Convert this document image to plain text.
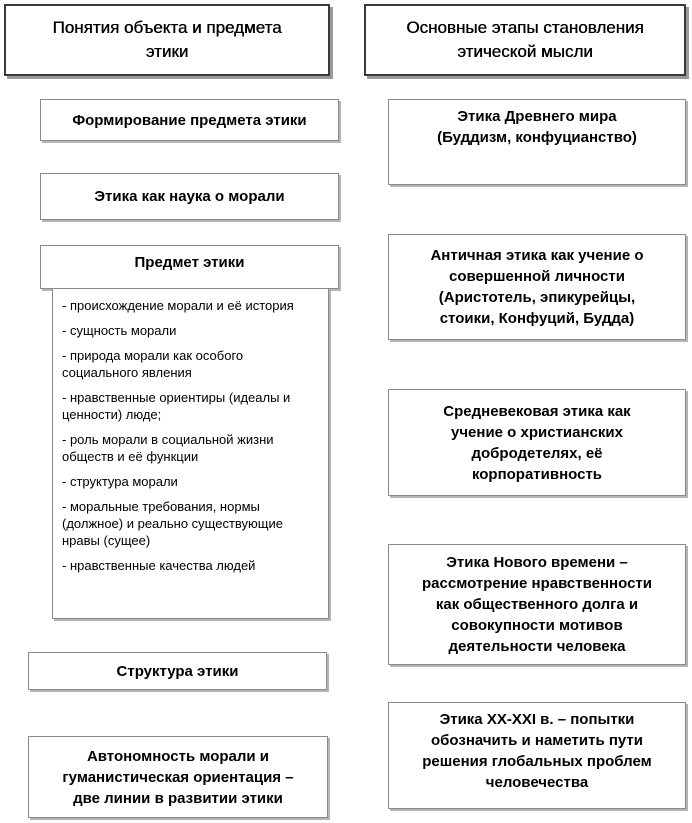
Понятия объекта и предмета
этики
Основные этапы становления
этической мысли
Формирование предмета этики
Этика как наука о морали
Предмет этики
- происхождение морали и её история
- сущность морали
- природа морали как особого социального явления
- нравственные ориентиры (идеалы и ценности) люде;
- роль морали в социальной жизни обществ и её функции
- структура морали
- моральные требования, нормы (должное) и реально существующие нравы (сущее)
- нравственные качества людей
Структура этики
Автономность морали и
гуманистическая ориентация –
две линии в развитии этики
Этика Древнего мира
(Буддизм, конфуцианство)
Античная этика как учение о
совершенной личности
(Аристотель, эпикурейцы,
стоики, Конфуций, Будда)
Средневековая этика как
учение о христианских
добродетелях, её
корпоративность
Этика Нового времени –
рассмотрение нравственности
как общественного долга и
совокупности мотивов
деятельности человека
Этика XX-XXI в. – попытки
обозначить и наметить пути
решения глобальных проблем
человечества
